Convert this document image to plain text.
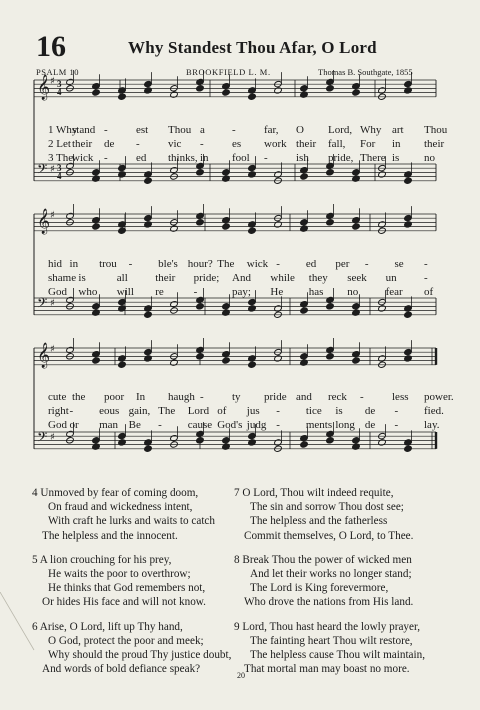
16	Why Standest Thou Afar, O Lord
PSALM 10	BROOKFIELD L. M.	Thomas B. Southgate, 1855
𝄞 ♯
𝄢 ♯
3
4
3
4
𝄞 ♯
𝄢 ♯
𝄞 ♯
𝄢 ♯
1 Why
stand -	est Thou a -	far, O Lord, Why art Thou
2 Let their de -	vic -	es work their fall, For in their
3 The
wick -	ed thinks, in fool -	ish pride, There is no
hid in trou - ble's hour? The wick - ed per - se -
shame is	all their pride; And while they seek un -
God who will re	-	pay; He has no fear of
cute the poor In haugh -	ty pride and reck -	less power.
right - eous gain, The Lord of jus - tice is de - fied.
God or man Be - cause God's judg - ments long de - lay.
4 Unmoved by fear of coming doom,
On fraud and wickedness intent,
With craft he lurks and waits to catch
The helpless and the innocent.
5 A lion crouching for his prey,
He waits the poor to overthrow;
He thinks that God remembers not,
Or hides His face and will not know.
6 Arise, O Lord, lift up Thy hand,
O God, protect the poor and meek;
Why should the proud Thy justice doubt,
And words of bold defiance speak?
7 O Lord, Thou wilt indeed requite,
The sin and sorrow Thou dost see;
The helpless and the fatherless
Commit themselves, O Lord, to Thee.
8 Break Thou the power of wicked men
And let their works no longer stand;
The Lord is King forevermore,
Who drove the nations from His land.
9 Lord, Thou hast heard the lowly prayer,
The fainting heart Thou wilt restore,
The helpless cause Thou wilt maintain,
That mortal man may boast no more.
20
